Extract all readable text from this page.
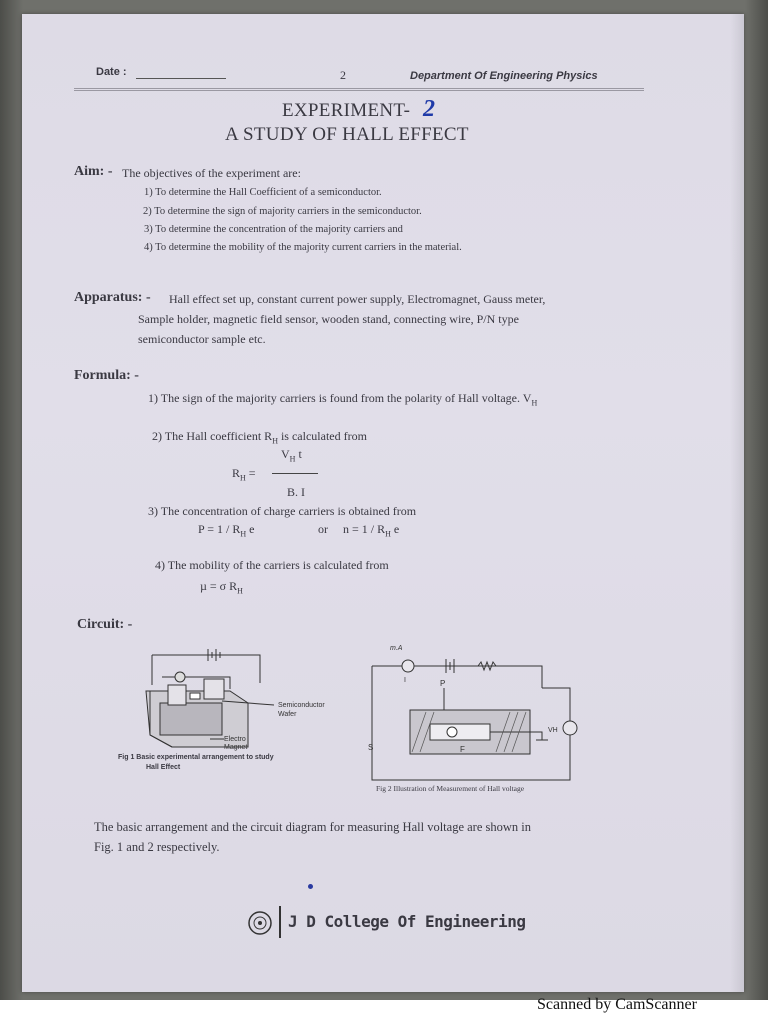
Date :	2	Department Of Engineering Physics
EXPERIMENT- 2
A STUDY OF HALL EFFECT
Aim: - The objectives of the experiment are:
1) To determine the Hall Coefficient of a semiconductor.
2) To determine the sign of majority carriers in the semiconductor.
3) To determine the concentration of the majority carriers and
4) To determine the mobility of the majority current carriers in the material.
Apparatus: - Hall effect set up, constant current power supply, Electromagnet, Gauss meter,
Sample holder, magnetic field sensor, wooden stand, connecting wire, P/N type
semiconductor sample etc.
Formula: -
1) The sign of the majority carriers is found from the polarity of Hall voltage. $V_H$
2) The Hall coefficient $R_H$ is calculated from
$R_H$ =
$V_H$ t
B. I
3) The concentration of charge carriers is obtained from
$P = 1 / R_H$ e	or $n = 1 / R_H$ e
4) The mobility of the carriers is calculated from
µ = σ $R_H$
Circuit: -
Semiconductor
Wafer
Electro
Magnet
Fig 1 Basic experimental arrangement to study
Hall Effect
m.A
I	P
S
VH
F
Fig 2 Illustration of Measurement of Hall voltage
The basic arrangement and the circuit diagram for measuring Hall voltage are shown in
Fig. 1 and 2 respectively.
J D College Of Engineering
Scanned by CamScanner
